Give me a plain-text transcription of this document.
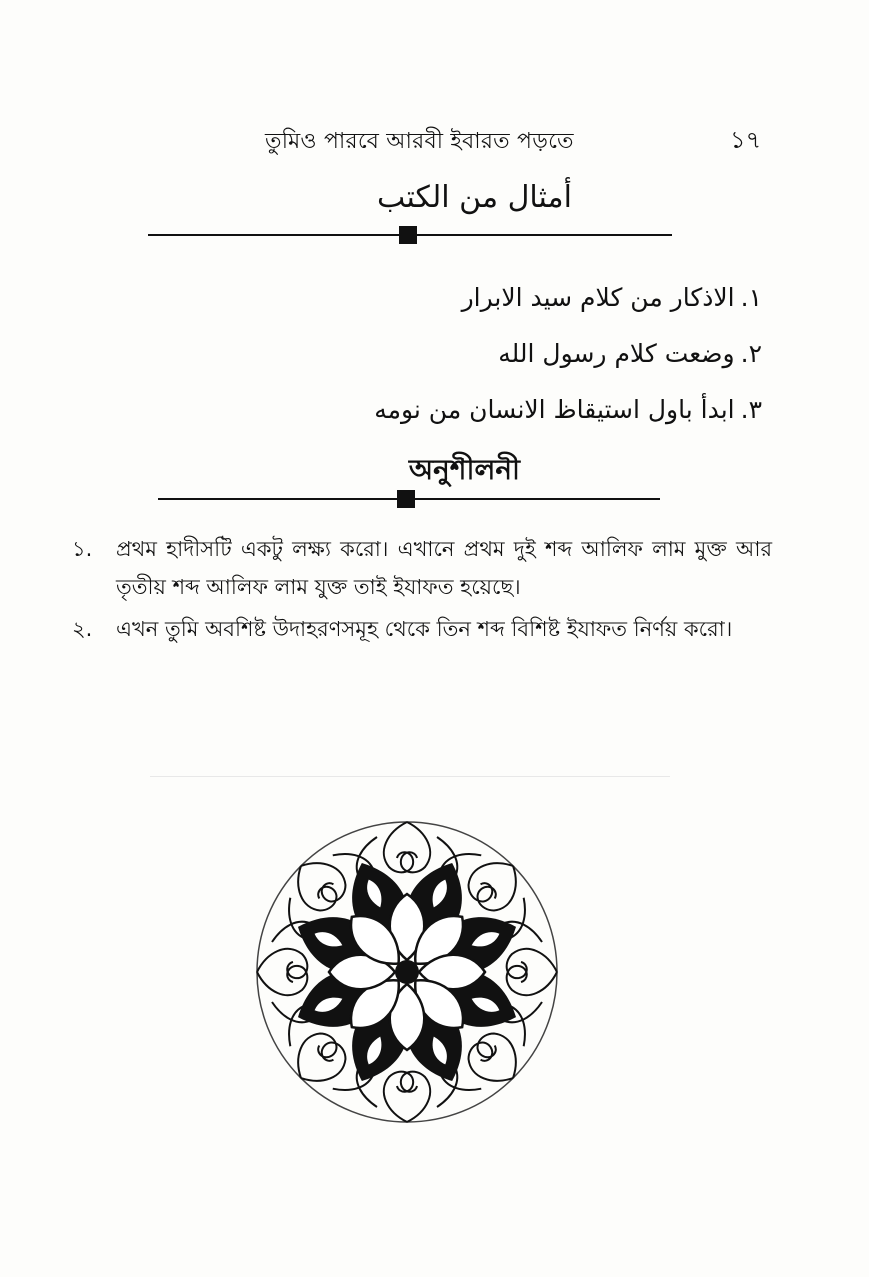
তুমিও পারবে আরবী ইবারত পড়তে	১৭
أمثال من الكتب
١.الاذكار من كلام سيد الابرار
٢.وضعت كلام رسول الله
٣.ابدأ باول استيقاظ الانسان من نومه
অনুশীলনী
১. প্রথম হাদীসটি একটু লক্ষ্য করো। এখানে প্রথম দুই শব্দ আলিফ লাম মুক্ত আর তৃতীয় শব্দ আলিফ লাম যুক্ত তাই ইযাফত হয়েছে।
২. এখন তুমি অবশিষ্ট উদাহরণসমূহ থেকে তিন শব্দ বিশিষ্ট ইযাফত নির্ণয় করো।
